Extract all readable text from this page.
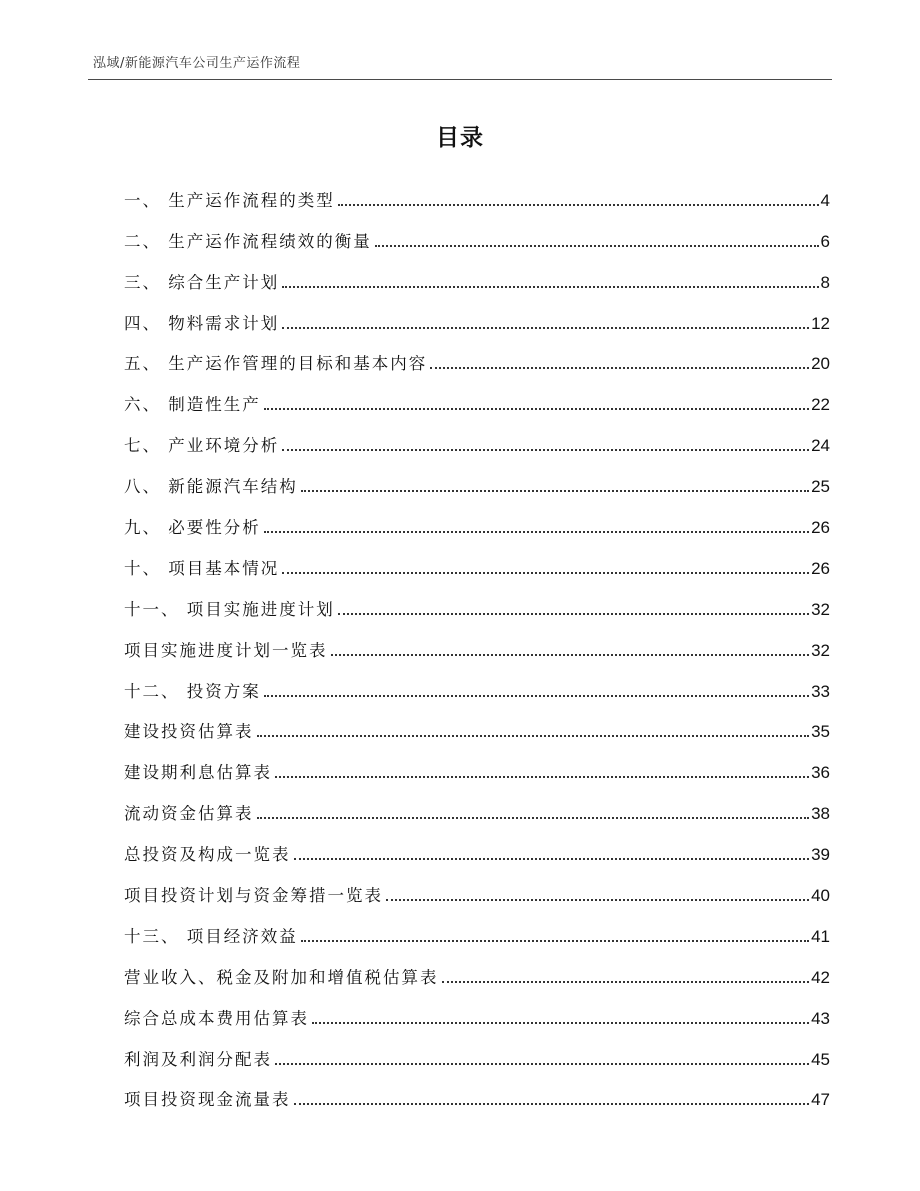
泓域/新能源汽车公司生产运作流程
目录
一、 生产运作流程的类型	4
二、 生产运作流程绩效的衡量	6
三、 综合生产计划	8
四、 物料需求计划	12
五、 生产运作管理的目标和基本内容	20
六、 制造性生产	22
七、 产业环境分析	24
八、 新能源汽车结构	25
九、 必要性分析	26
十、 项目基本情况	26
十一、 项目实施进度计划	32
项目实施进度计划一览表	32
十二、 投资方案	33
建设投资估算表	35
建设期利息估算表	36
流动资金估算表	38
总投资及构成一览表	39
项目投资计划与资金筹措一览表	40
十三、 项目经济效益	41
营业收入、税金及附加和增值税估算表	42
综合总成本费用估算表	43
利润及利润分配表	45
项目投资现金流量表	47
